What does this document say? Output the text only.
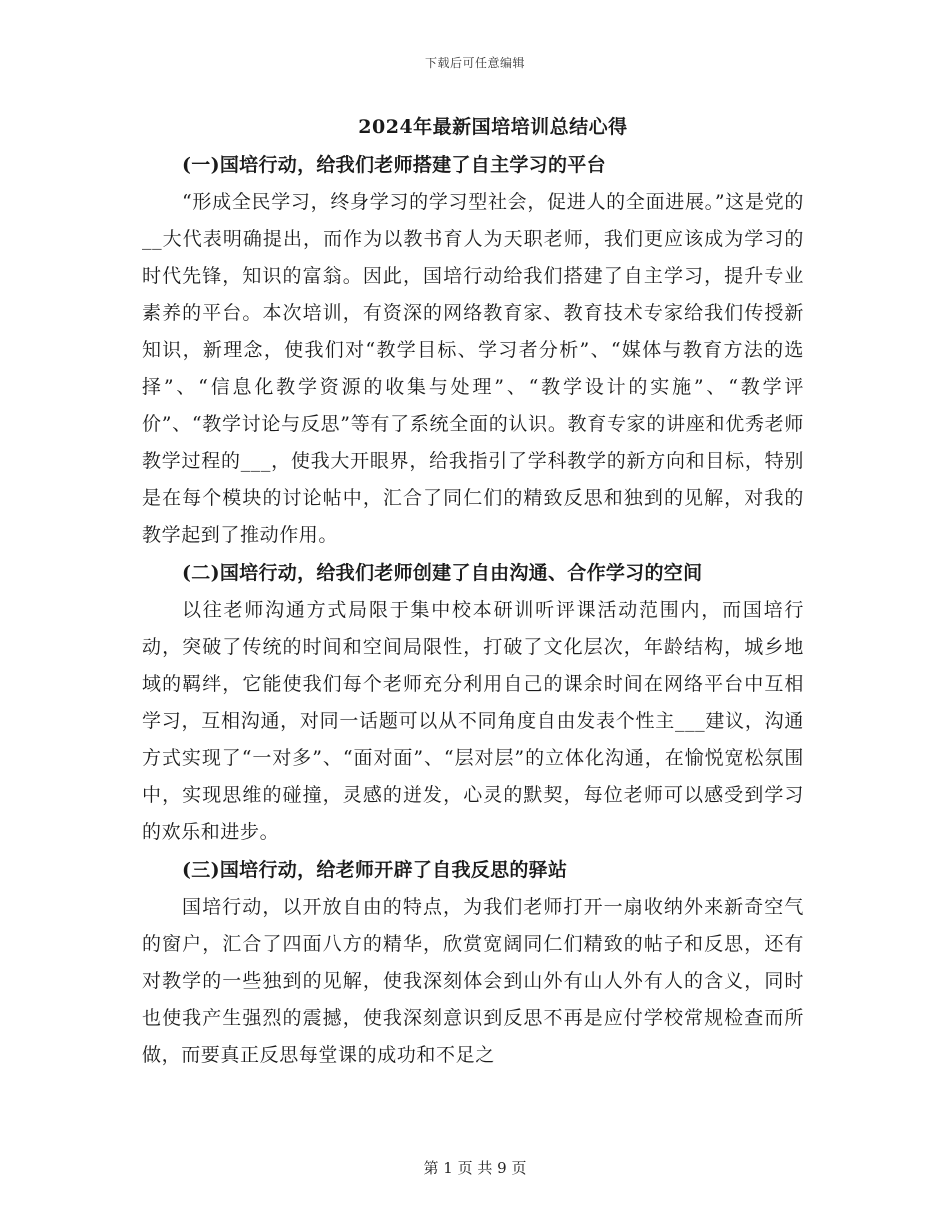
下载后可任意编辑
2024年最新国培培训总结心得
(一)国培行动，给我们老师搭建了自主学习的平台

“形成全民学习，终身学习的学习型社会，促进人的全面进展。”这是党的__大代表明确提出，而作为以教书育人为天职老师，我们更应该成为学习的时代先锋，知识的富翁。因此，国培行动给我们搭建了自主学习，提升专业素养的平台。本次培训，有资深的网络教育家、教育技术专家给我们传授新知识，新理念，使我们对“教学目标、学习者分析”、“媒体与教育方法的选择”、“信息化教学资源的收集与处理”、“教学设计的实施”、“教学评价”、“教学讨论与反思”等有了系统全面的认识。教育专家的讲座和优秀老师教学过程的___，使我大开眼界，给我指引了学科教学的新方向和目标，特别是在每个模块的讨论帖中，汇合了同仁们的精致反思和独到的见解，对我的教学起到了推动作用。

(二)国培行动，给我们老师创建了自由沟通、合作学习的空间

以往老师沟通方式局限于集中校本研训听评课活动范围内，而国培行动，突破了传统的时间和空间局限性，打破了文化层次，年龄结构，城乡地域的羁绊，它能使我们每个老师充分利用自己的课余时间在网络平台中互相学习，互相沟通，对同一话题可以从不同角度自由发表个性主___建议，沟通方式实现了“一对多”、“面对面”、“层对层”的立体化沟通，在愉悦宽松氛围中，实现思维的碰撞，灵感的迸发，心灵的默契，每位老师可以感受到学习的欢乐和进步。

(三)国培行动，给老师开辟了自我反思的驿站

国培行动，以开放自由的特点，为我们老师打开一扇收纳外来新奇空气的窗户，汇合了四面八方的精华，欣赏宽阔同仁们精致的帖子和反思，还有对教学的一些独到的见解，使我深刻体会到山外有山人外有人的含义，同时也使我产生强烈的震撼，使我深刻意识到反思不再是应付学校常规检查而所做，而要真正反思每堂课的成功和不足之

第 1 页 共 9 页
